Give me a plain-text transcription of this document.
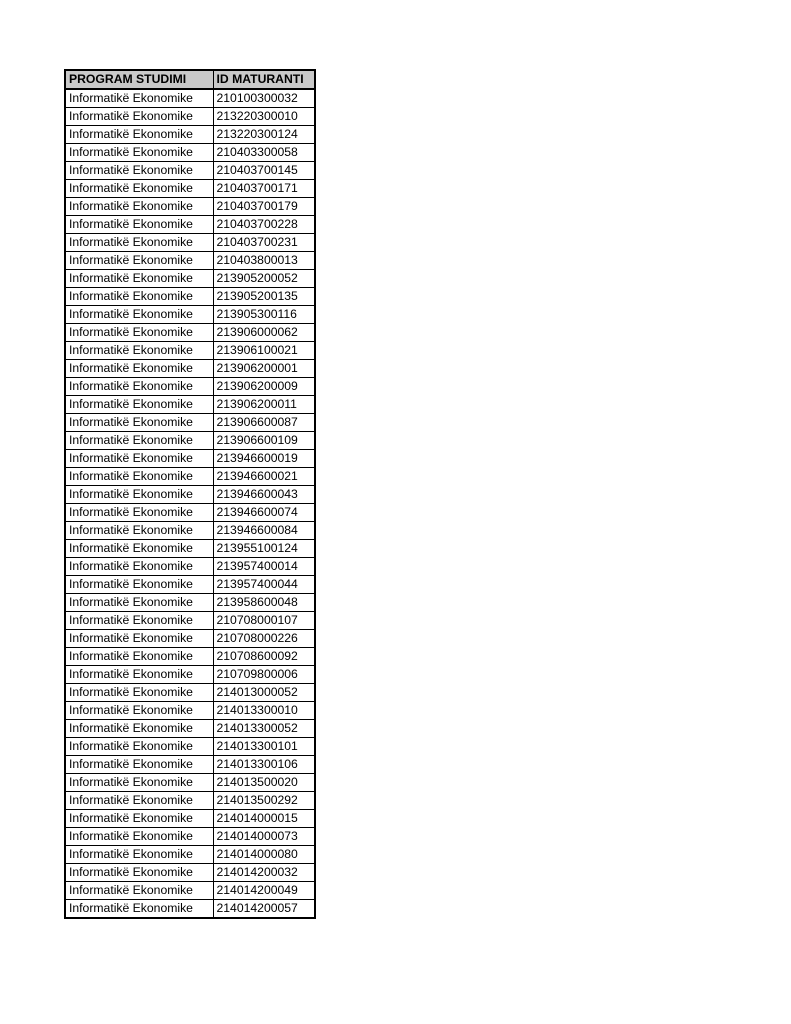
PROGRAM STUDIMI	ID MATURANTI
Informatikë Ekonomike	210100300032
Informatikë Ekonomike	213220300010
Informatikë Ekonomike	213220300124
Informatikë Ekonomike	210403300058
Informatikë Ekonomike	210403700145
Informatikë Ekonomike	210403700171
Informatikë Ekonomike	210403700179
Informatikë Ekonomike	210403700228
Informatikë Ekonomike	210403700231
Informatikë Ekonomike	210403800013
Informatikë Ekonomike	213905200052
Informatikë Ekonomike	213905200135
Informatikë Ekonomike	213905300116
Informatikë Ekonomike	213906000062
Informatikë Ekonomike	213906100021
Informatikë Ekonomike	213906200001
Informatikë Ekonomike	213906200009
Informatikë Ekonomike	213906200011
Informatikë Ekonomike	213906600087
Informatikë Ekonomike	213906600109
Informatikë Ekonomike	213946600019
Informatikë Ekonomike	213946600021
Informatikë Ekonomike	213946600043
Informatikë Ekonomike	213946600074
Informatikë Ekonomike	213946600084
Informatikë Ekonomike	213955100124
Informatikë Ekonomike	213957400014
Informatikë Ekonomike	213957400044
Informatikë Ekonomike	213958600048
Informatikë Ekonomike	210708000107
Informatikë Ekonomike	210708000226
Informatikë Ekonomike	210708600092
Informatikë Ekonomike	210709800006
Informatikë Ekonomike	214013000052
Informatikë Ekonomike	214013300010
Informatikë Ekonomike	214013300052
Informatikë Ekonomike	214013300101
Informatikë Ekonomike	214013300106
Informatikë Ekonomike	214013500020
Informatikë Ekonomike	214013500292
Informatikë Ekonomike	214014000015
Informatikë Ekonomike	214014000073
Informatikë Ekonomike	214014000080
Informatikë Ekonomike	214014200032
Informatikë Ekonomike	214014200049
Informatikë Ekonomike	214014200057
